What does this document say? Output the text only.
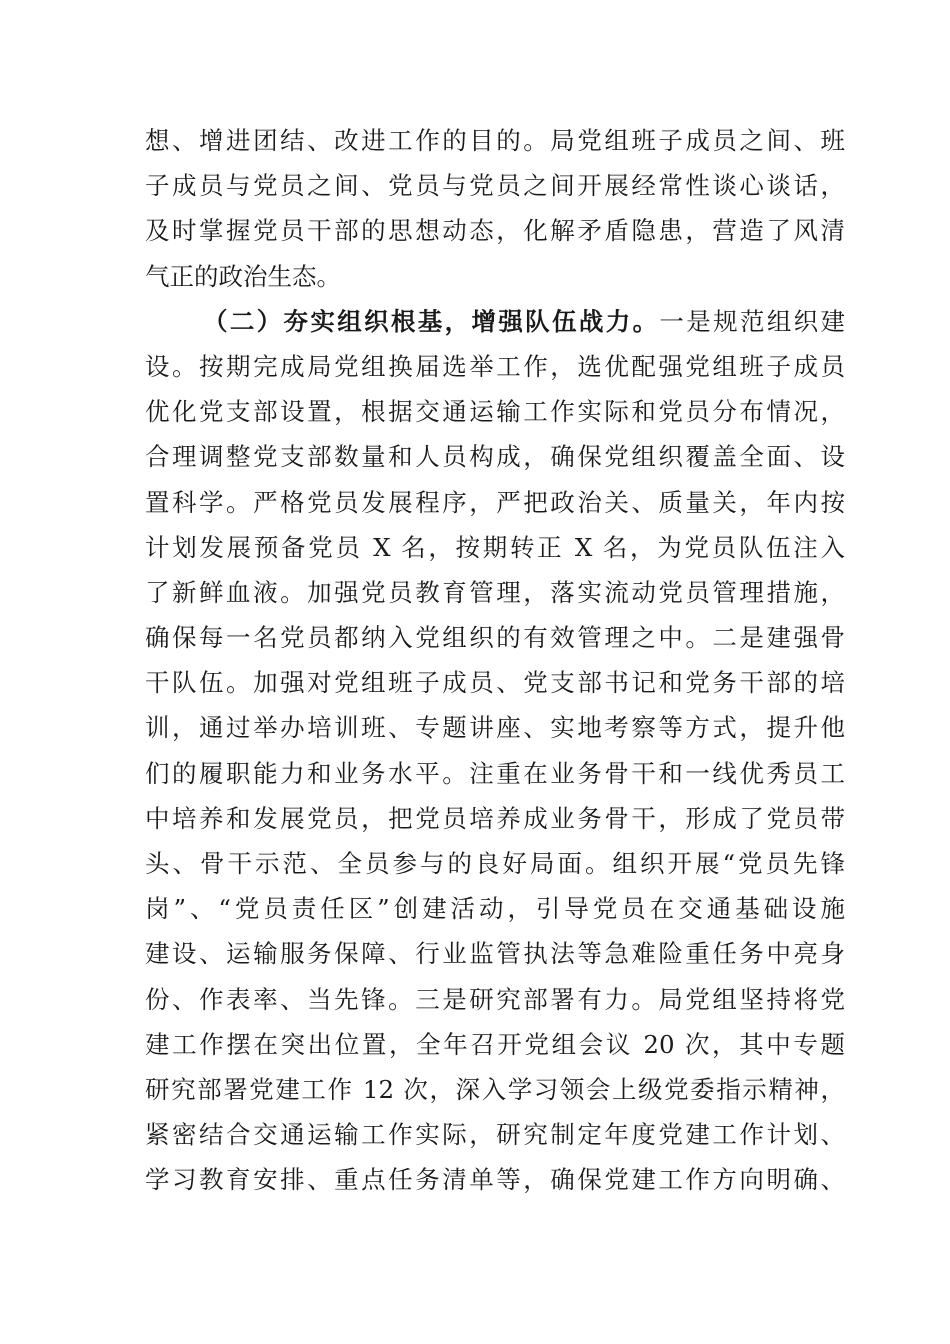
想、增进团结、改进工作的目的。局党组班子成员之间、班
子成员与党员之间、党员与党员之间开展经常性谈心谈话，
及时掌握党员干部的思想动态，化解矛盾隐患，营造了风清
气正的政治生态。
（二）夯实组织根基，增强队伍战力。一是规范组织建
设。按期完成局党组换届选举工作，选优配强党组班子成员
优化党支部设置，根据交通运输工作实际和党员分布情况，
合理调整党支部数量和人员构成，确保党组织覆盖全面、设
置科学。严格党员发展程序，严把政治关、质量关，年内按
计划发展预备党员 X 名，按期转正 X 名，为党员队伍注入
了新鲜血液。加强党员教育管理，落实流动党员管理措施，
确保每一名党员都纳入党组织的有效管理之中。二是建强骨
干队伍。加强对党组班子成员、党支部书记和党务干部的培
训，通过举办培训班、专题讲座、实地考察等方式，提升他
们的履职能力和业务水平。注重在业务骨干和一线优秀员工
中培养和发展党员，把党员培养成业务骨干，形成了党员带
头、骨干示范、全员参与的良好局面。组织开展“党员先锋
岗”、“党员责任区”创建活动，引导党员在交通基础设施
建设、运输服务保障、行业监管执法等急难险重任务中亮身
份、作表率、当先锋。三是研究部署有力。局党组坚持将党
建工作摆在突出位置，全年召开党组会议 20 次，其中专题
研究部署党建工作 12 次，深入学习领会上级党委指示精神，
紧密结合交通运输工作实际，研究制定年度党建工作计划、
学习教育安排、重点任务清单等，确保党建工作方向明确、
